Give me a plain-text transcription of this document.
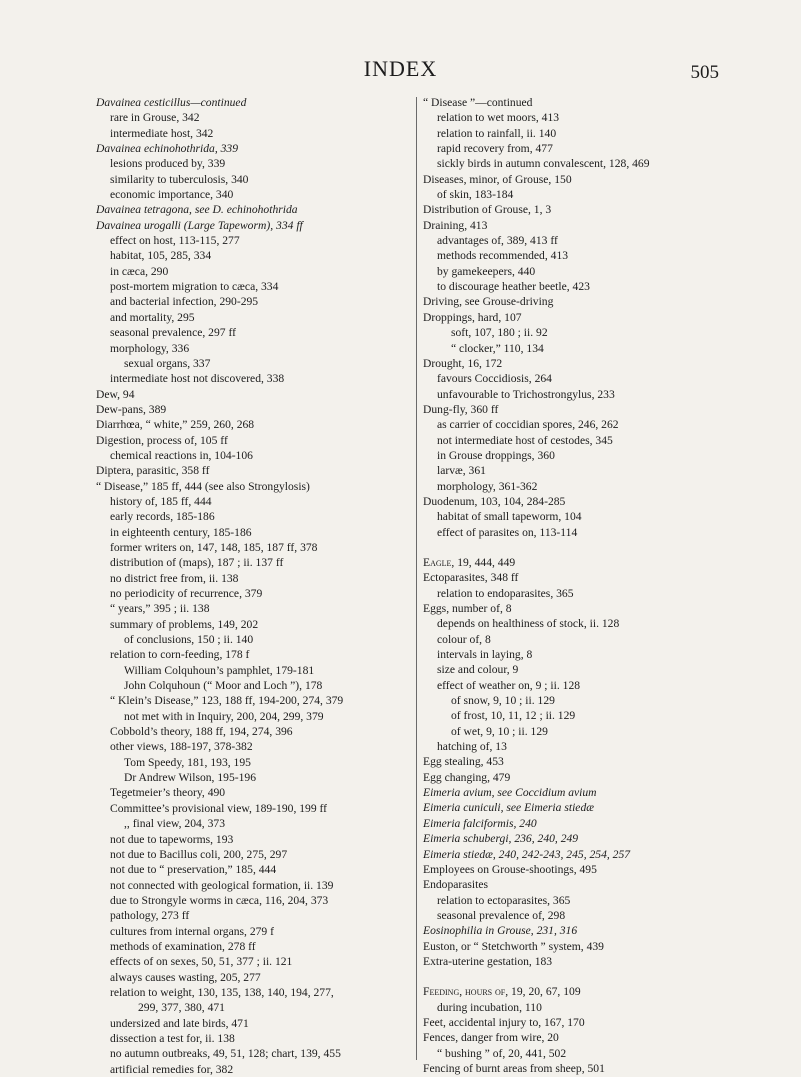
INDEX	505
Davainea cesticillus—continued
rare in Grouse, 342
intermediate host, 342
Davainea echinohothrida, 339
lesions produced by, 339
similarity to tuberculosis, 340
economic importance, 340
Davainea tetragona, see D. echinohothrida
Davainea urogalli (Large Tapeworm), 334 ff
effect on host, 113-115, 277
habitat, 105, 285, 334
in cæca, 290
post-mortem migration to cæca, 334
and bacterial infection, 290-295
and mortality, 295
seasonal prevalence, 297 ff
morphology, 336
sexual organs, 337
intermediate host not discovered, 338
Dew, 94
Dew-pans, 389
Diarrhœa, “ white,” 259, 260, 268
Digestion, process of, 105 ff
chemical reactions in, 104-106
Diptera, parasitic, 358 ff
“ Disease,” 185 ff, 444 (see also Strongylosis)
history of, 185 ff, 444
early records, 185-186
in eighteenth century, 185-186
former writers on, 147, 148, 185, 187 ff, 378
distribution of (maps), 187 ; ii. 137 ff
no district free from, ii. 138
no periodicity of recurrence, 379
“ years,” 395 ; ii. 138
summary of problems, 149, 202
of conclusions, 150 ; ii. 140
relation to corn-feeding, 178 f
William Colquhoun’s pamphlet, 179-181
John Colquhoun (“ Moor and Loch ”), 178
“ Klein’s Disease,” 123, 188 ff, 194-200, 274, 379
not met with in Inquiry, 200, 204, 299, 379
Cobbold’s theory, 188 ff, 194, 274, 396
other views, 188-197, 378-382
Tom Speedy, 181, 193, 195
Dr Andrew Wilson, 195-196
Tegetmeier’s theory, 490
Committee’s provisional view, 189-190, 199 ff
,, final view, 204, 373
not due to tapeworms, 193
not due to Bacillus coli, 200, 275, 297
not due to “ preservation,” 185, 444
not connected with geological formation, ii. 139
due to Strongyle worms in cæca, 116, 204, 373
pathology, 273 ff
cultures from internal organs, 279 f
methods of examination, 278 ff
effects of on sexes, 50, 51, 377 ; ii. 121
always causes wasting, 205, 277
relation to weight, 130, 135, 138, 140, 194, 277,
299, 377, 380, 471
undersized and late birds, 471
dissection a test for, ii. 138
no autumn outbreaks, 49, 51, 128; chart, 139, 455
artificial remedies for, 382
“ Disease ”—continued
relation to wet moors, 413
relation to rainfall, ii. 140
rapid recovery from, 477
sickly birds in autumn convalescent, 128, 469
Diseases, minor, of Grouse, 150
of skin, 183-184
Distribution of Grouse, 1, 3
Draining, 413
advantages of, 389, 413 ff
methods recommended, 413
by gamekeepers, 440
to discourage heather beetle, 423
Driving, see Grouse-driving
Droppings, hard, 107
soft, 107, 180 ; ii. 92
“ clocker,” 110, 134
Drought, 16, 172
favours Coccidiosis, 264
unfavourable to Trichostrongylus, 233
Dung-fly, 360 ff
as carrier of coccidian spores, 246, 262
not intermediate host of cestodes, 345
in Grouse droppings, 360
larvæ, 361
morphology, 361-362
Duodenum, 103, 104, 284-285
habitat of small tapeworm, 104
effect of parasites on, 113-114
Eagle, 19, 444, 449
Ectoparasites, 348 ff
relation to endoparasites, 365
Eggs, number of, 8
depends on healthiness of stock, ii. 128
colour of, 8
intervals in laying, 8
size and colour, 9
effect of weather on, 9 ; ii. 128
of snow, 9, 10 ; ii. 129
of frost, 10, 11, 12 ; ii. 129
of wet, 9, 10 ; ii. 129
hatching of, 13
Egg stealing, 453
Egg changing, 479
Eimeria avium, see Coccidium avium
Eimeria cuniculi, see Eimeria stiedæ
Eimeria falciformis, 240
Eimeria schubergi, 236, 240, 249
Eimeria stiedæ, 240, 242-243, 245, 254, 257
Employees on Grouse-shootings, 495
Endoparasites
relation to ectoparasites, 365
seasonal prevalence of, 298
Eosinophilia in Grouse, 231, 316
Euston, or “ Stetchworth ” system, 439
Extra-uterine gestation, 183
Feeding, hours of, 19, 20, 67, 109
during incubation, 110
Feet, accidental injury to, 167, 170
Fences, danger from wire, 20
“ bushing ” of, 20, 441, 502
Fencing of burnt areas from sheep, 501
